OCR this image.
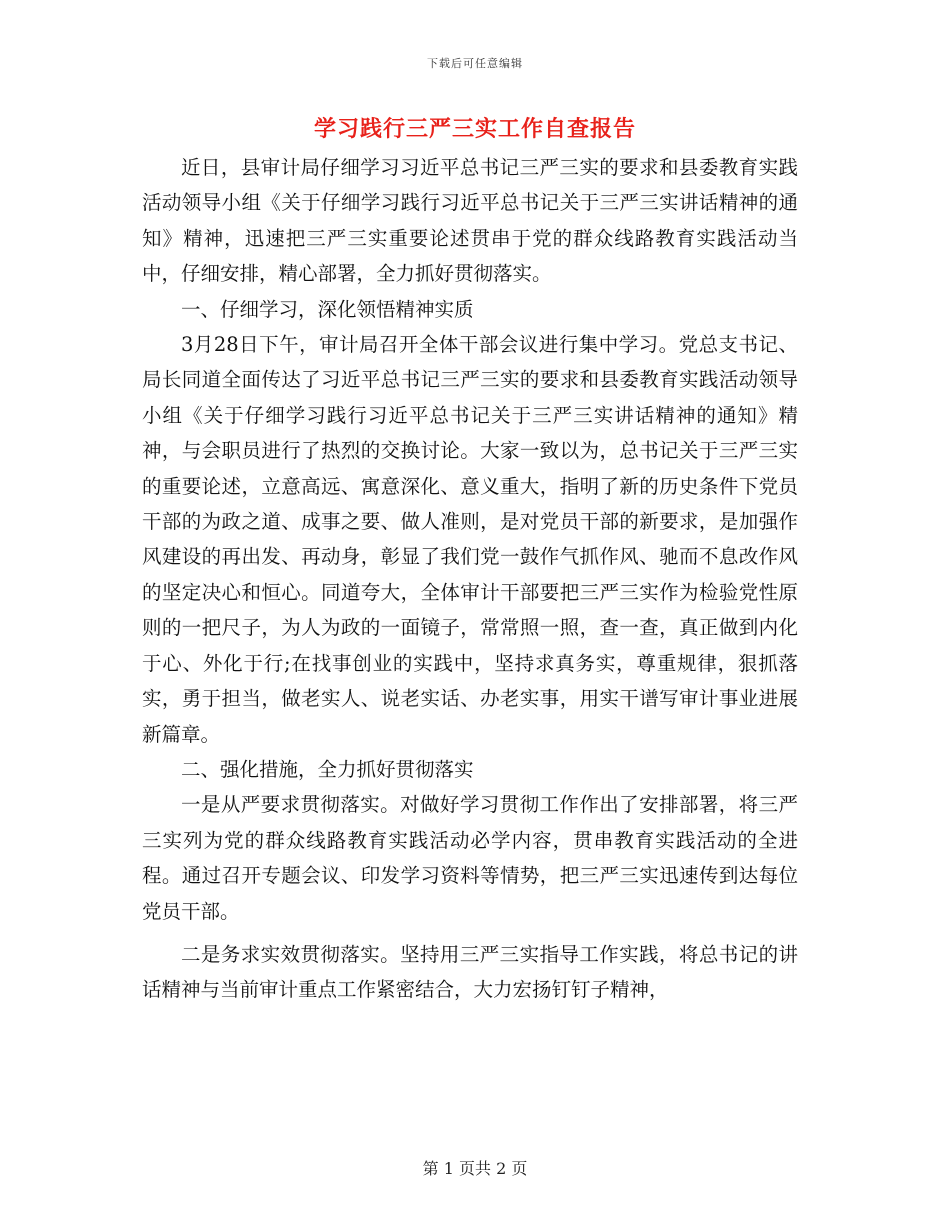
下载后可任意编辑
学习践行三严三实工作自查报告

近日，县审计局仔细学习习近平总书记三严三实的要求和县委教育实践活动领导小组《关于仔细学习践行习近平总书记关于三严三实讲话精神的通知》精神，迅速把三严三实重要论述贯串于党的群众线路教育实践活动当中，仔细安排，精心部署，全力抓好贯彻落实。

一、仔细学习，深化领悟精神实质

3月28日下午，审计局召开全体干部会议进行集中学习。党总支书记、局长同道全面传达了习近平总书记三严三实的要求和县委教育实践活动领导小组《关于仔细学习践行习近平总书记关于三严三实讲话精神的通知》精神，与会职员进行了热烈的交换讨论。大家一致以为，总书记关于三严三实的重要论述，立意高远、寓意深化、意义重大，指明了新的历史条件下党员干部的为政之道、成事之要、做人准则，是对党员干部的新要求，是加强作风建设的再出发、再动身，彰显了我们党一鼓作气抓作风、驰而不息改作风的坚定决心和恒心。同道夸大，全体审计干部要把三严三实作为检验党性原则的一把尺子，为人为政的一面镜子，常常照一照，查一查，真正做到内化于心、外化于行;在找事创业的实践中，坚持求真务实，尊重规律，狠抓落实，勇于担当，做老实人、说老实话、办老实事，用实干谱写审计事业进展新篇章。

二、强化措施，全力抓好贯彻落实

一是从严要求贯彻落实。对做好学习贯彻工作作出了安排部署，将三严三实列为党的群众线路教育实践活动必学内容，贯串教育实践活动的全进程。通过召开专题会议、印发学习资料等情势，把三严三实迅速传到达每位党员干部。

二是务求实效贯彻落实。坚持用三严三实指导工作实践，将总书记的讲话精神与当前审计重点工作紧密结合，大力宏扬钉钉子精神，

第 1 页共 2 页
